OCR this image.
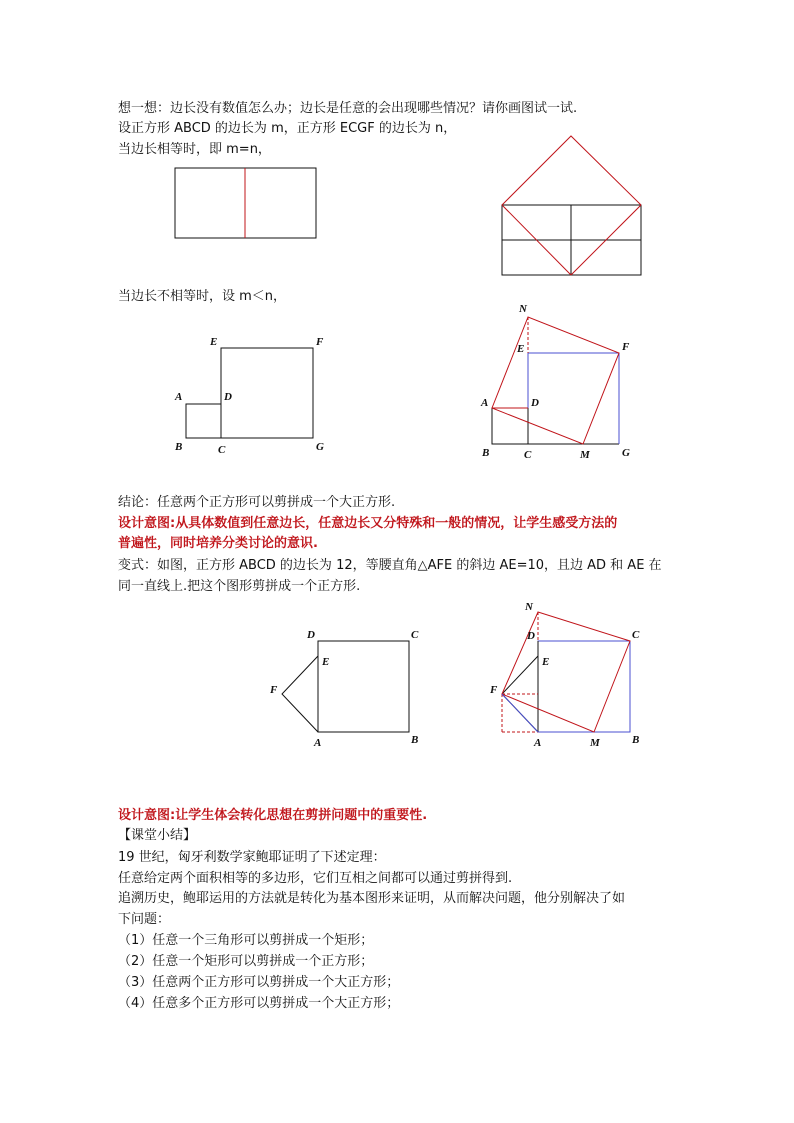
想一想：边长没有数值怎么办；边长是任意的会出现哪些情况？请你画图试一试.
设正方形 ABCD 的边长为 m，正方形 ECGF 的边长为 n，
当边长相等时，即 m=n，
当边长不相等时，设 m＜n，
结论：任意两个正方形可以剪拼成一个大正方形.
设计意图:从具体数值到任意边长，任意边长又分特殊和一般的情况，让学生感受方法的
普遍性，同时培养分类讨论的意识.
变式：如图，正方形 ABCD 的边长为 12，等腰直角△AFE 的斜边 AE=10，且边 AD 和 AE 在
同一直线上.把这个图形剪拼成一个正方形.
设计意图:让学生体会转化思想在剪拼问题中的重要性.
【课堂小结】
19 世纪，匈牙利数学家鲍耶证明了下述定理：
任意给定两个面积相等的多边形，它们互相之间都可以通过剪拼得到.
追溯历史，鲍耶运用的方法就是转化为基本图形来证明，从而解决问题，他分别解决了如
下问题：
（1）任意一个三角形可以剪拼成一个矩形；
（2）任意一个矩形可以剪拼成一个正方形；
（3）任意两个正方形可以剪拼成一个大正方形；
（4）任意多个正方形可以剪拼成一个大正方形；
E	F
A	D
B	C	G
N
E	F
A	D
B	C	M	G
D	C
E
F
A	B
N
D	C
E
F
A	M	B
